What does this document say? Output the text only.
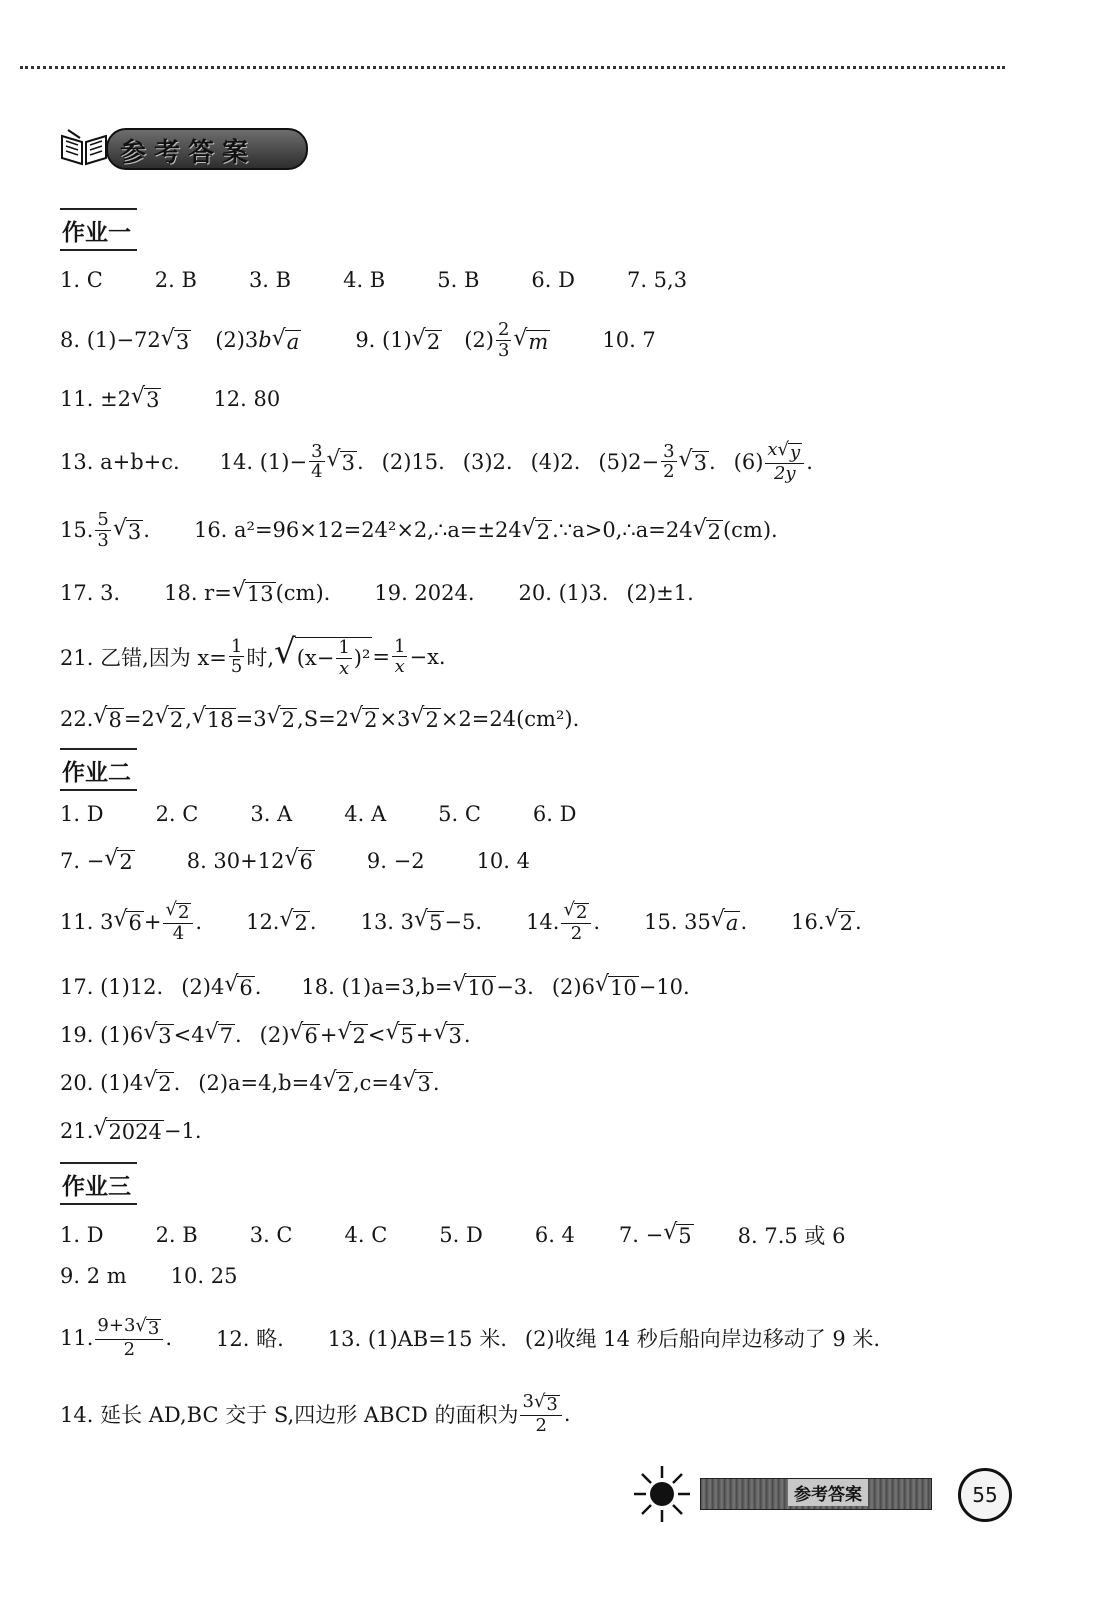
参考答案
作业一
1. C 2. B 3. B 4. B 5. B 6. D 7. 5,3
8. (1)−72 √ 3 (2)3 b √ a	9. (1) √ 2 $(2) \frac{2}{3}$ √ m	10. 7
11. ±2 √ 3	12. 80
13. a+b+c. 14. $(1)- \frac{3}{4}$ √ 3 . (2)15. (3)2. (4)2. $(5)2- \frac{3}{2}$ √ 3 . $(6) \frac{x √ y}{2y}$ .
15. $\frac{5}{3}$ √ 3 . 16. a²=96×12=24²×2,∴a=±24 √ 2 .∵a>0,∴a=24 √ 2 (cm).
17. 3. 18. r= √ 13 (cm). 19. 2024. 20. (1)3. (2)±1.
21. 乙错,因为 $x= \frac{1}{5}$ 时, √ $(x- \frac{1}{x} )^2 = \frac{1}{x} -x$.
22. √ 8 =2 √ 2 , √ 18 =3 √ 2 ,S=2 √ 2 ×3 √ 2 ×2=24(cm²).
作业二
1. D 2. C 3. A 4. A 5. C 6. D
7. − √ 2	8. 30+12 √ 6	9. −2 10. 4
11. 3 √ $6 + \frac{√ 2}{4}$ . 12. √ 2 . 13. 3 √ 5 −5. 14. $\frac{√ 2}{2}$ . 15. 35 √ a . 16. √ 2 .
17. (1)12. (2)4 √ 6 . 18. (1)a=3,b= √ 10 −3. (2)6 √ 10 −10.
19. (1)6 √ 3 <4 √ 7 . (2) √ 6 + √ 2 < √ 5 + √ 3 .
20. (1)4 √ 2 . (2)a=4,b=4 √ 2 ,c=4 √ 3 .
21. √ 2024 −1.
作业三
1. D 2. B 3. C 4. C 5. D 6. 4 7. − √ 5 8. 7.5 或 6
9. 2 m 10. 25
11. $\frac{9+3 √ 3}{2}$ . 12. 略. 13. (1)AB=15 米. (2)收绳 14 秒后船向岸边移动了 9 米.
14. 延长 AD,BC 交于 S,四边形 ABCD 的面积为 $\frac{3 √ 3}{2}$ .
参考答案	55
